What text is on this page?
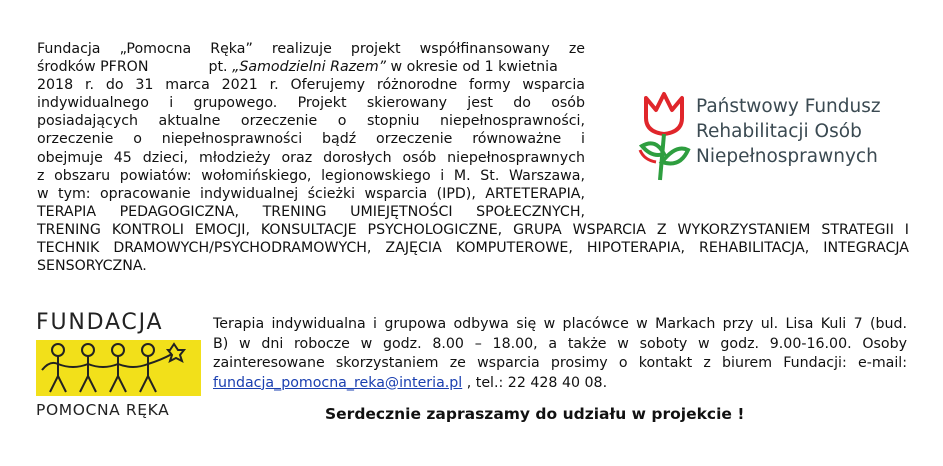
Fundacja „Pomocna Ręka” realizuje projekt współfinansowany ze
środków PFRON	pt. „Samodzielni Razem” w okresie od 1 kwietnia
2018 r. do 31 marca 2021 r. Oferujemy różnorodne formy wsparcia
indywidualnego i grupowego. Projekt skierowany jest do osób
posiadających aktualne orzeczenie o stopniu niepełnosprawności,
orzeczenie o niepełnosprawności bądź orzeczenie równoważne i
obejmuje 45 dzieci, młodzieży oraz dorosłych osób niepełnosprawnych
z obszaru powiatów: wołomińskiego, legionowskiego i M. St. Warszawa,
w tym: opracowanie indywidualnej ścieżki wsparcia (IPD), ARTETERAPIA,
TERAPIA PEDAGOGICZNA, TRENING UMIEJĘTNOŚCI SPOŁECZNYCH,
TRENING KONTROLI EMOCJI, KONSULTACJE PSYCHOLOGICZNE, GRUPA WSPARCIA Z WYKORZYSTANIEM STRATEGII I
TECHNIK DRAMOWYCH/PSYCHODRAMOWYCH, ZAJĘCIA KOMPUTEROWE, HIPOTERAPIA, REHABILITACJA, INTEGRACJA
SENSORYCZNA.
Państwowy Fundusz
Rehabilitacji Osób
Niepełnosprawnych
FUNDACJA
POMOCNA RĘKA
Terapia indywidualna i grupowa odbywa się w placówce w Markach przy ul. Lisa Kuli 7 (bud.
B) w dni robocze w godz. 8.00 – 18.00, a także w soboty w godz. 9.00-16.00. Osoby
zainteresowane skorzystaniem ze wsparcia prosimy o kontakt z biurem Fundacji: e-mail:
fundacja_pomocna_reka@interia.pl , tel.: 22 428 40 08.
Serdecznie zapraszamy do udziału w projekcie !
